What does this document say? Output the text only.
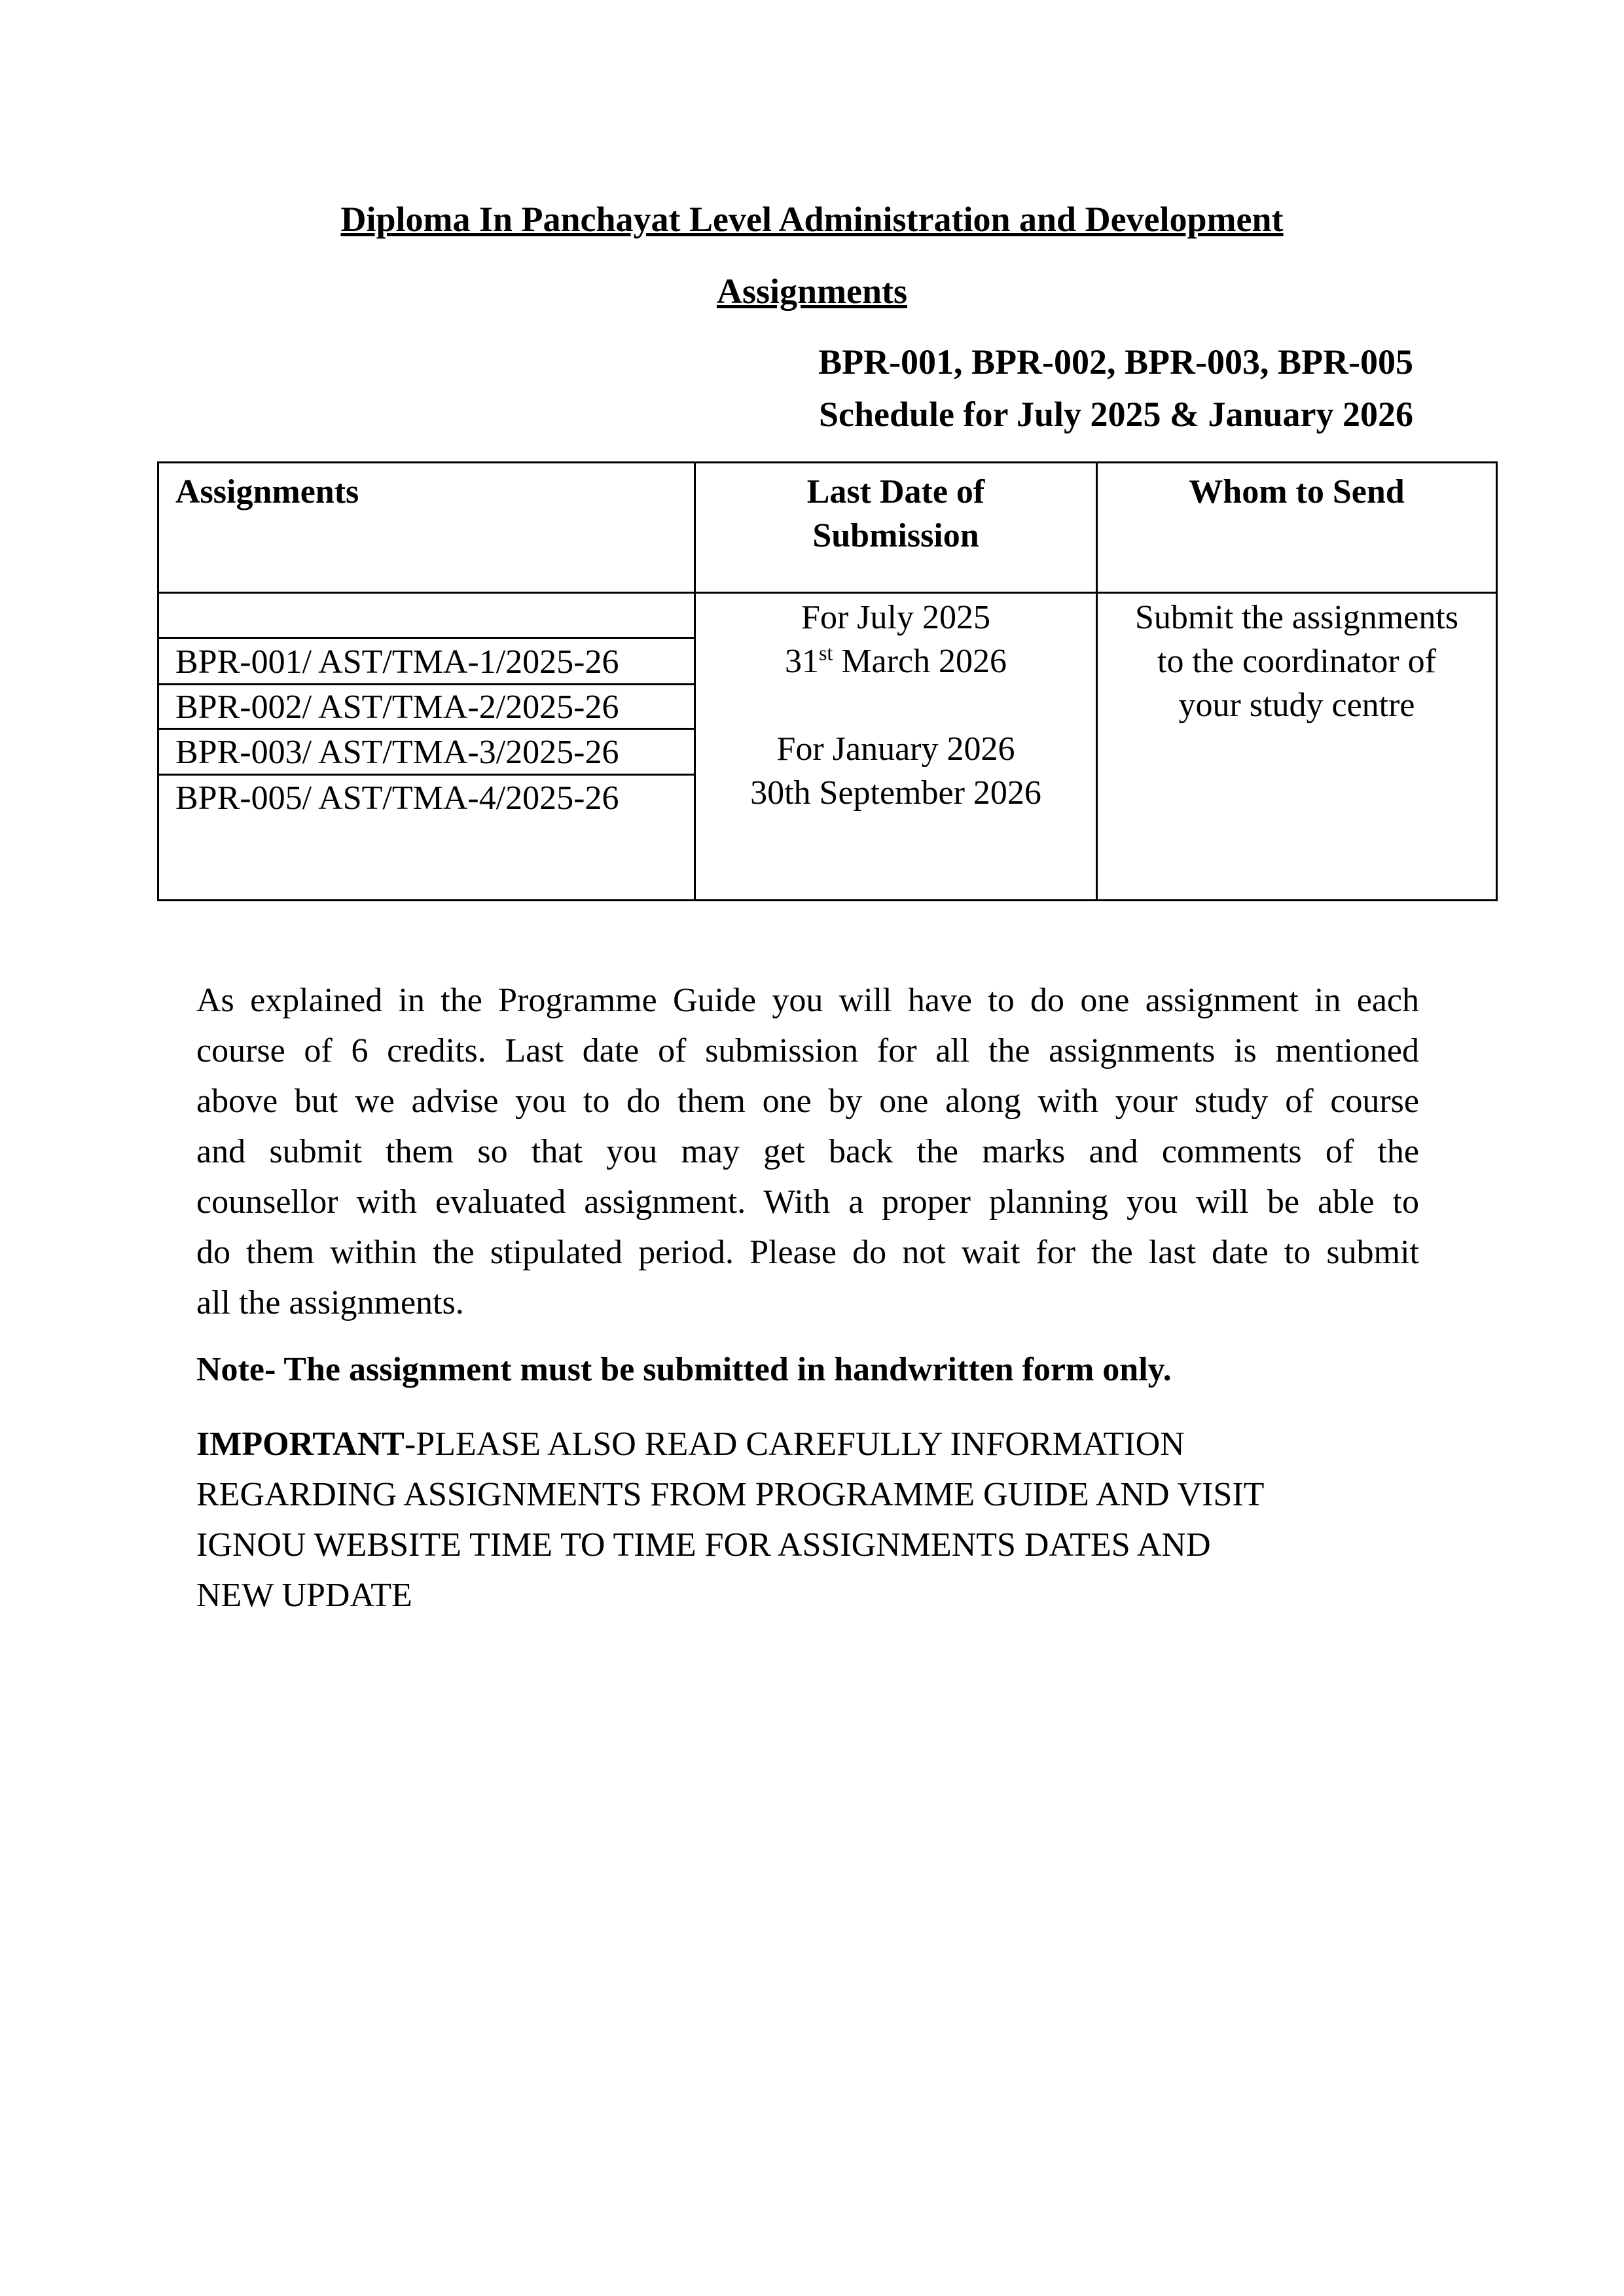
Diploma In Panchayat Level Administration and Development
Assignments
BPR-001, BPR-002, BPR-003, BPR-005
Schedule for July 2025 & January 2026
Assignments	Last Date of
Submission
Whom to Send
BPR-001/ AST/TMA-1/2025-26
BPR-002/ AST/TMA-2/2025-26
BPR-003/ AST/TMA-3/2025-26
BPR-005/ AST/TMA-4/2025-26
For July 2025
31st March 2026

For January 2026
30th September 2026
Submit the assignments
to the coordinator of
your study centre
As explained in the Programme Guide you will have to do one assignment in each
course of 6 credits. Last date of submission for all the assignments is mentioned
above but we advise you to do them one by one along with your study of course
and submit them so that you may get back the marks and comments of the
counsellor with evaluated assignment. With a proper planning you will be able to
do them within the stipulated period. Please do not wait for the last date to submit
all the assignments.
Note- The assignment must be submitted in handwritten form only.
IMPORTANT-PLEASE ALSO READ CAREFULLY INFORMATION
REGARDING ASSIGNMENTS FROM PROGRAMME GUIDE AND VISIT
IGNOU WEBSITE TIME TO TIME FOR ASSIGNMENTS DATES AND
NEW UPDATE
